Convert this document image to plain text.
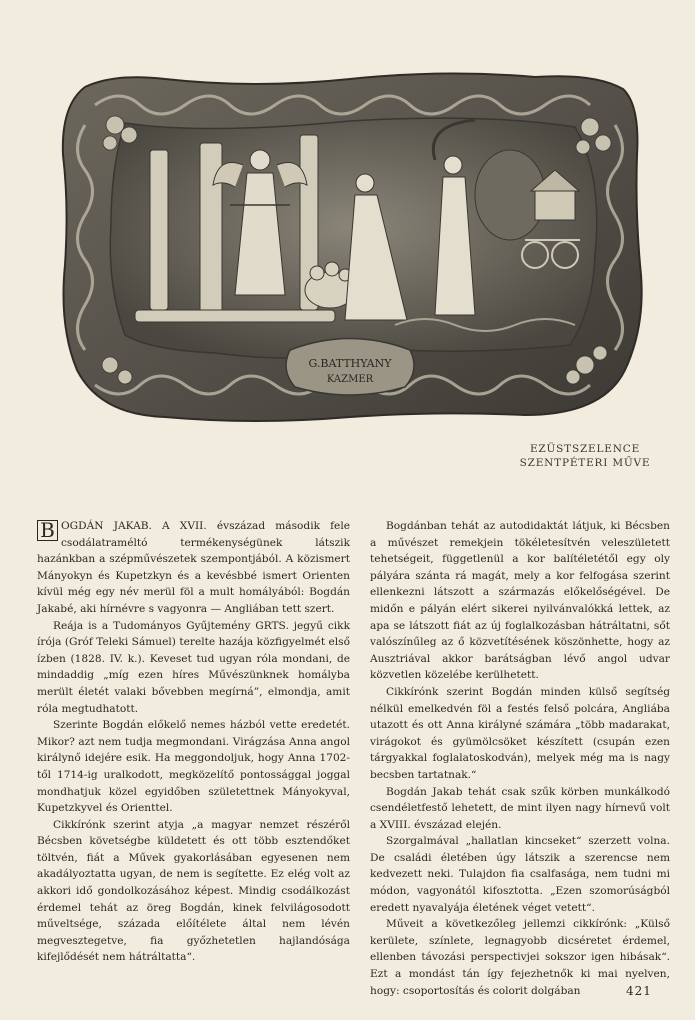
G.BATTHYANY
KAZMER
EZÜSTSZELENCE
SZENTPÉTERI MŰVE

B OGDÁN JAKAB. A XVII. évszázad második fele csodálatraméltó termékenységünek látszik hazánkban a szépművészetek szempontjából. A közismert Mányokyn és Kupetzkyn és a kevésbbé ismert Orienten kívül még egy név merül föl a mult homályából: Bogdán Jakabé, aki hírnévre s vagyonra — Angliában tett szert.

Reája is a Tudományos Gyűjtemény GRTS. jegyű cikk írója (Gróf Teleki Sámuel) terelte hazája közfigyelmét első ízben (1828. IV. k.). Keveset tud ugyan róla mondani, de mindaddig „míg ezen híres Művészünknek homályba merült életét valaki bővebben megírná”, elmondja, amit róla megtudhatott.

Szerinte Bogdán előkelő nemes házból vette eredetét. Mikor? azt nem tudja megmondani. Virágzása Anna angol királynő idejére esik. Ha meggondoljuk, hogy Anna 1702-től 1714-ig uralkodott, megközelítő pontossággal joggal mondhatjuk közel egyidőben születettnek Mányokyval, Kupetzkyvel és Orienttel.

Cikkírónk szerint atyja „a magyar nemzet részéről Bécsben követségbe küldetett és ott több esztendőket töltvén, fiát a Művek gyakorlásában egyesenen nem akadályoztatta ugyan, de nem is segítette. Ez elég volt az akkori idő gondolkozásához képest. Mindig csodálkozást érdemel tehát az öreg Bogdán, kinek felvilágosodott műveltsége, százada előítélete által nem lévén megvesztegetve, fia győzhetetlen hajlandósága kifejlődését nem hátráltatta“.

Bogdánban tehát az autodidaktát látjuk, ki Bécsben a művészet remekjein tökéletesítvén veleszületett tehetségeit, függetlenül a kor balítéletétől egy oly pályára szánta rá magát, mely a kor felfogása szerint ellenkezni látszott a származás előkelőségével. De midőn e pályán elért sikerei nyilvánvalókká lettek, az apa se látszott fiát az új foglalkozásban hátráltatni, sőt valószínűleg az ő közvetítésének köszönhette, hogy az Ausztriával akkor barátságban lévő angol udvar közvetlen közelébe kerülhetett.

Cikkírónk szerint Bogdán minden külső segítség nélkül emelkedvén föl a festés felső polcára, Angliába utazott és ott Anna királyné számára „több madarakat, virágokot és gyümölcsöket készített (csupán ezen tárgyakkal foglalatoskodván), melyek még ma is nagy becsben tartatnak.“

Bogdán Jakab tehát csak szűk körben munkálkodó csendéletfestő lehetett, de mint ilyen nagy hírnevű volt a XVIII. évszázad elején.

Szorgalmával „hallatlan kincseket“ szerzett volna. De családi életében úgy látszik a szerencse nem kedvezett neki. Tulajdon fia csalfasága, nem tudni mi módon, vagyonától kifosztotta. „Ezen szomorúságból eredett nyavalyája életének véget vetett“.

Műveit a következőleg jellemzi cikkírónk: „Külső kerülete, színlete, legnagyobb dicséretet érdemel, ellenben távozási perspectivjei sokszor igen hibásak“. Ezt a mondást tán így fejezhetnők ki mai nyelven, hogy: csoportosítás és colorit dolgában	421
